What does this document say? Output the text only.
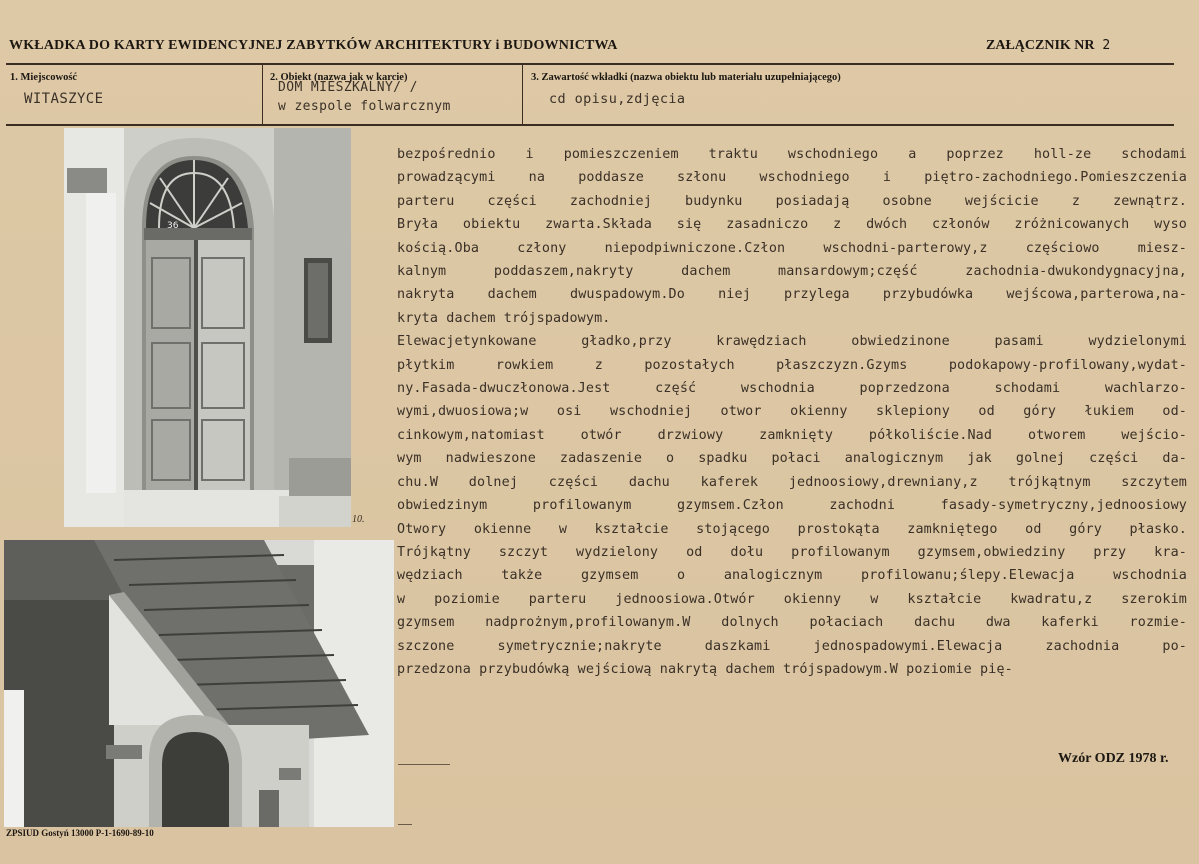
WKŁADKA DO KARTY EWIDENCYJNEJ ZABYTKÓW ARCHITEKTURY i BUDOWNICTWA	ZAŁĄCZNIK NR 2
1. Miejscowość
WITASZYCE
2. Obiekt (nazwa jak w karcie)
DOM MIESZKALNY/ /
w zespole folwarcznym
3. Zawartość wkładki (nazwa obiektu lub materiału uzupełniającego)
cd opisu,zdjęcia
36
10.
bezpośrednio i pomieszczeniem traktu wschodniego a poprzez holl-ze schodami
prowadzącymi na poddasze szłonu wschodniego i piętro-zachodniego.Pomieszczenia
parteru części zachodniej budynku posiadają osobne wejścicie z zewnątrz.
Bryła obiektu zwarta.Składa się zasadniczo z dwóch członów zróżnicowanych wyso
kością.Oba człony niepodpiwniczone.Człon wschodni-parterowy,z częściowo miesz-
kalnym poddaszem,nakryty dachem mansardowym;część zachodnia-dwukondygnacyjna,
nakryta dachem dwuspadowym.Do niej przylega przybudówka wejścowa,parterowa,na-
kryta dachem trójspadowym.
Elewacjetynkowane gładko,przy krawędziach obwiedzinone pasami wydzielonymi
płytkim rowkiem z pozostałych płaszczyzn.Gzyms podokapowy-profilowany,wydat-
ny.Fasada-dwuczłonowa.Jest część wschodnia poprzedzona schodami wachlarzo-
wymi,dwuosiowa;w osi wschodniej otwor okienny sklepiony od góry łukiem od-
cinkowym,natomiast otwór drzwiowy zamknięty półkoliście.Nad otworem wejścio-
wym nadwieszone zadaszenie o spadku połaci analogicznym jak golnej części da-
chu.W dolnej części dachu kaferek jednoosiowy,drewniany,z trójkątnym szczytem
obwiedzinym profilowanym gzymsem.Człon zachodni fasady-symetryczny,jednoosiowy
Otwory okienne w kształcie stojącego prostokąta zamkniętego od góry płasko.
Trójkątny szczyt wydzielony od dołu profilowanym gzymsem,obwiedziny przy kra-
wędziach także gzymsem o analogicznym profilowanu;ślepy.Elewacja wschodnia
w poziomie parteru jednoosiowa.Otwór okienny w kształcie kwadratu,z szerokim
gzymsem nadprożnym,profilowanym.W dolnych połaciach dachu dwa kaferki rozmie-
szczone symetrycznie;nakryte daszkami jednospadowymi.Elewacja zachodnia po-
przedzona przybudówką wejściową nakrytą dachem trójspadowym.W poziomie pię-
Wzór ODZ 1978 r.
ZPSIUD Gostyń 13000 P-1-1690-89-10
